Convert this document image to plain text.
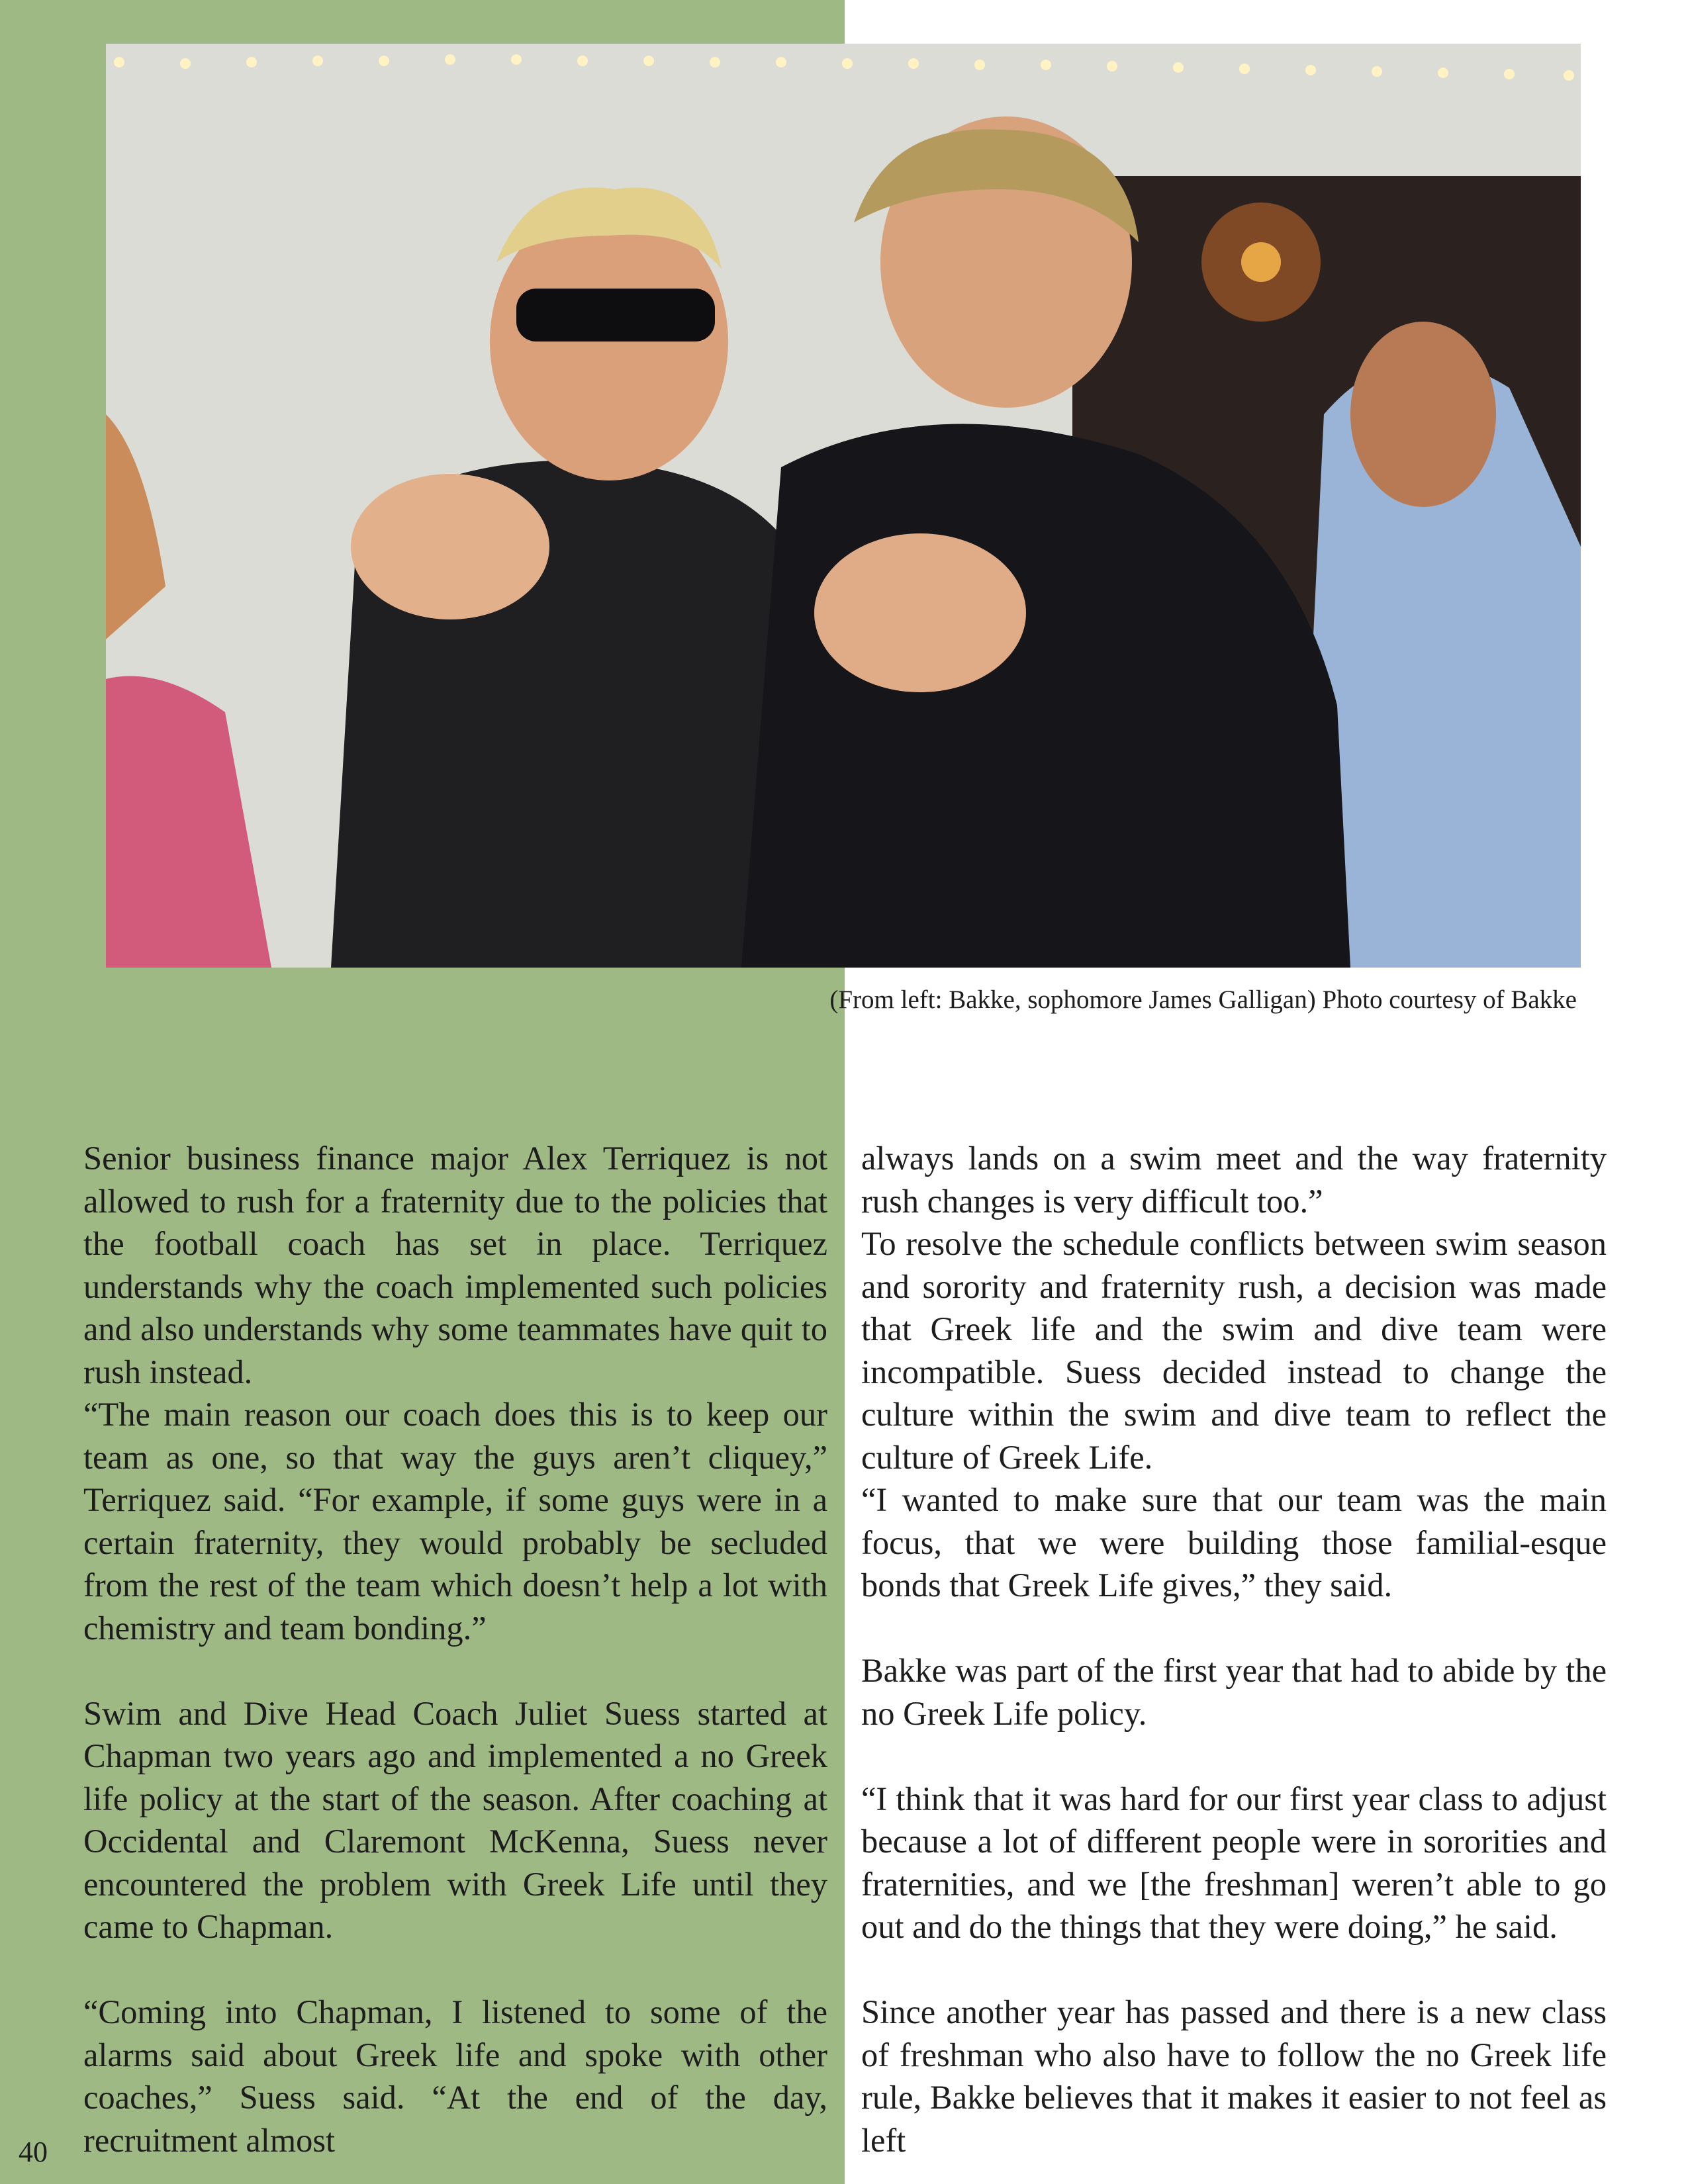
(From left: Bakke, sophomore James Galligan) Photo courtesy of Bakke

Senior business finance major Alex Terriquez is not allowed to rush for a fraternity due to the policies that the football coach has set in place. Terriquez understands why the coach implemented such policies and also understands why some teammates have quit to rush instead.

“The main reason our coach does this is to keep our team as one, so that way the guys aren’t cliquey,” Terriquez said. “For example, if some guys were in a certain fraternity, they would probably be secluded from the rest of the team which doesn’t help a lot with chemistry and team bonding.”

Swim and Dive Head Coach Juliet Suess started at Chapman two years ago and implemented a no Greek life policy at the start of the season. After coaching at Occidental and Claremont McKenna, Suess never encountered the problem with Greek Life until they came to Chapman.

“Coming into Chapman, I listened to some of the alarms said about Greek life and spoke with other coaches,” Suess said. “At the end of the day, recruitment almost

always lands on a swim meet and the way fraternity rush changes is very difficult too.”

To resolve the schedule conflicts between swim season and sorority and fraternity rush, a decision was made that Greek life and the swim and dive team were incompatible. Suess decided instead to change the culture within the swim and dive team to reflect the culture of Greek Life.

“I wanted to make sure that our team was the main focus, that we were building those familial-esque bonds that Greek Life gives,” they said.

Bakke was part of the first year that had to abide by the no Greek Life policy.

“I think that it was hard for our first year class to adjust because a lot of different people were in sororities and fraternities, and we [the freshman] weren’t able to go out and do the things that they were doing,” he said.

Since another year has passed and there is a new class of freshman who also have to follow the no Greek life rule, Bakke believes that it makes it easier to not feel as left

40
